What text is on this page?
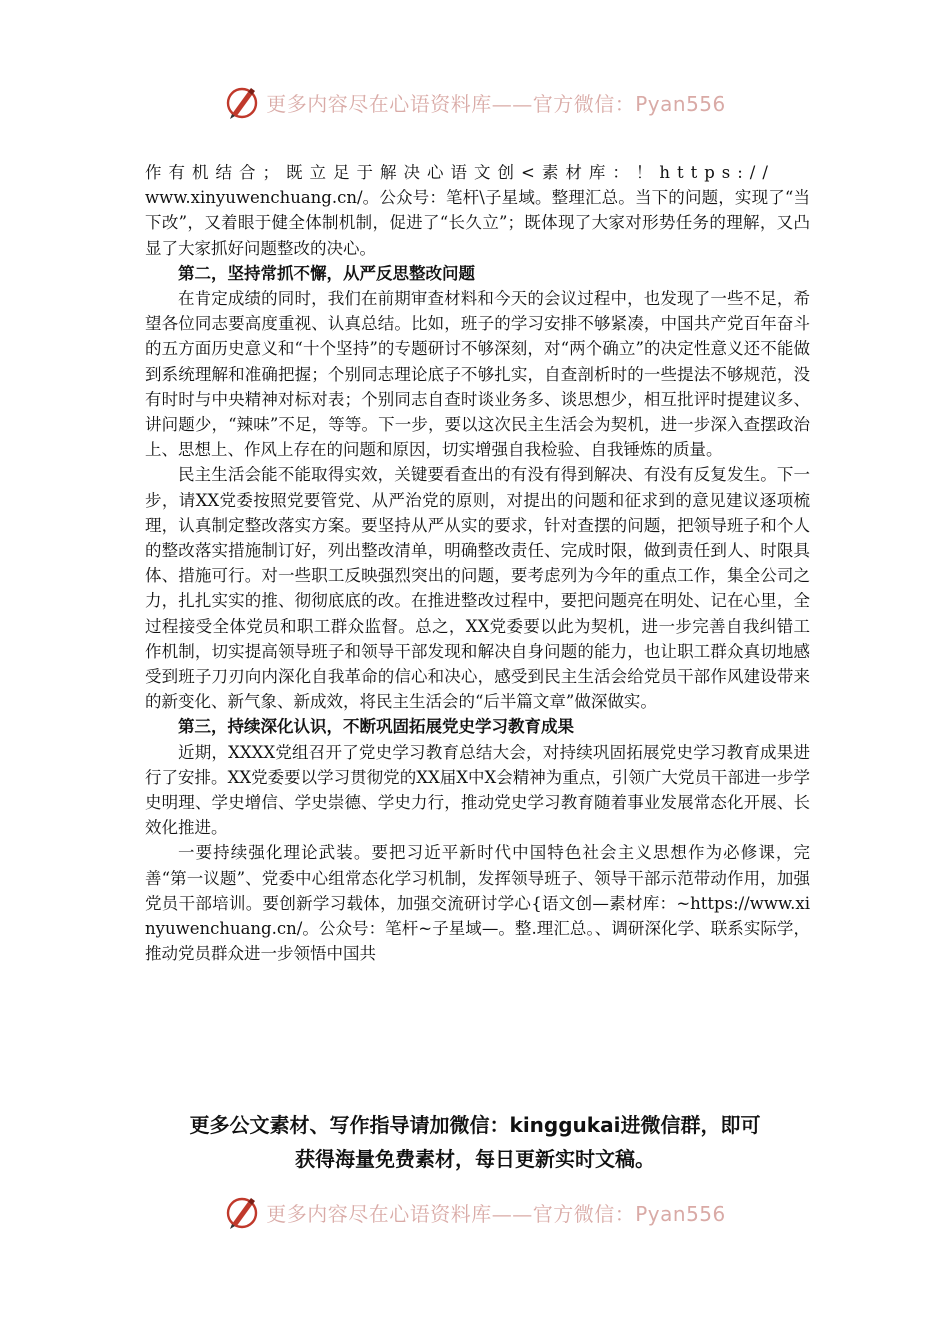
更多内容尽在心语资料库——官方微信：Pyan556

作有机结合；既立足于解决心语文创<素材库：！https://

www.xinyuwenchuang.cn/。公众号：笔杆\子星域。整理汇总。当下的问题，实现了“当下改”，又着眼于健全体制机制，促进了“长久立”；既体现了大家对形势任务的理解，又凸显了大家抓好问题整改的决心。

第二，坚持常抓不懈，从严反思整改问题

在肯定成绩的同时，我们在前期审查材料和今天的会议过程中，也发现了一些不足，希望各位同志要高度重视、认真总结。比如，班子的学习安排不够紧凑，中国共产党百年奋斗的五方面历史意义和“十个坚持”的专题研讨不够深刻，对“两个确立”的决定性意义还不能做到系统理解和准确把握；个别同志理论底子不够扎实，自查剖析时的一些提法不够规范，没有时时与中央精神对标对表；个别同志自查时谈业务多、谈思想少，相互批评时提建议多、讲问题少，“辣味”不足，等等。下一步，要以这次民主生活会为契机，进一步深入查摆政治上、思想上、作风上存在的问题和原因，切实增强自我检验、自我锤炼的质量。

民主生活会能不能取得实效，关键要看查出的有没有得到解决、有没有反复发生。下一步，请XX党委按照党要管党、从严治党的原则，对提出的问题和征求到的意见建议逐项梳理，认真制定整改落实方案。要坚持从严从实的要求，针对查摆的问题，把领导班子和个人的整改落实措施制订好，列出整改清单，明确整改责任、完成时限，做到责任到人、时限具体、措施可行。对一些职工反映强烈突出的问题，要考虑列为今年的重点工作，集全公司之力，扎扎实实的推、彻彻底底的改。在推进整改过程中，要把问题亮在明处、记在心里，全过程接受全体党员和职工群众监督。总之，XX党委要以此为契机，进一步完善自我纠错工作机制，切实提高领导班子和领导干部发现和解决自身问题的能力，也让职工群众真切地感受到班子刀刃向内深化自我革命的信心和决心，感受到民主生活会给党员干部作风建设带来的新变化、新气象、新成效，将民主生活会的“后半篇文章”做深做实。

第三，持续深化认识，不断巩固拓展党史学习教育成果

近期，XXXX党组召开了党史学习教育总结大会，对持续巩固拓展党史学习教育成果进行了安排。XX党委要以学习贯彻党的XX届X中X会精神为重点，引领广大党员干部进一步学史明理、学史增信、学史崇德、学史力行，推动党史学习教育随着事业发展常态化开展、长效化推进。

一要持续强化理论武装。要把习近平新时代中国特色社会主义思想作为必修课，完善“第一议题”、党委中心组常态化学习机制，发挥领导班子、领导干部示范带动作用，加强党员干部培训。要创新学习载体，加强交流研讨学心{语文创—素材库：~https://www.xinyuwenchuang.cn/。公众号：笔杆~子星域—。整.理汇总。、调研深化学、联系实际学，推动党员群众进一步领悟中国共

更多公文素材、写作指导请加微信：kinggukai进微信群，即可
获得海量免费素材，每日更新实时文稿。
更多内容尽在心语资料库——官方微信：Pyan556
